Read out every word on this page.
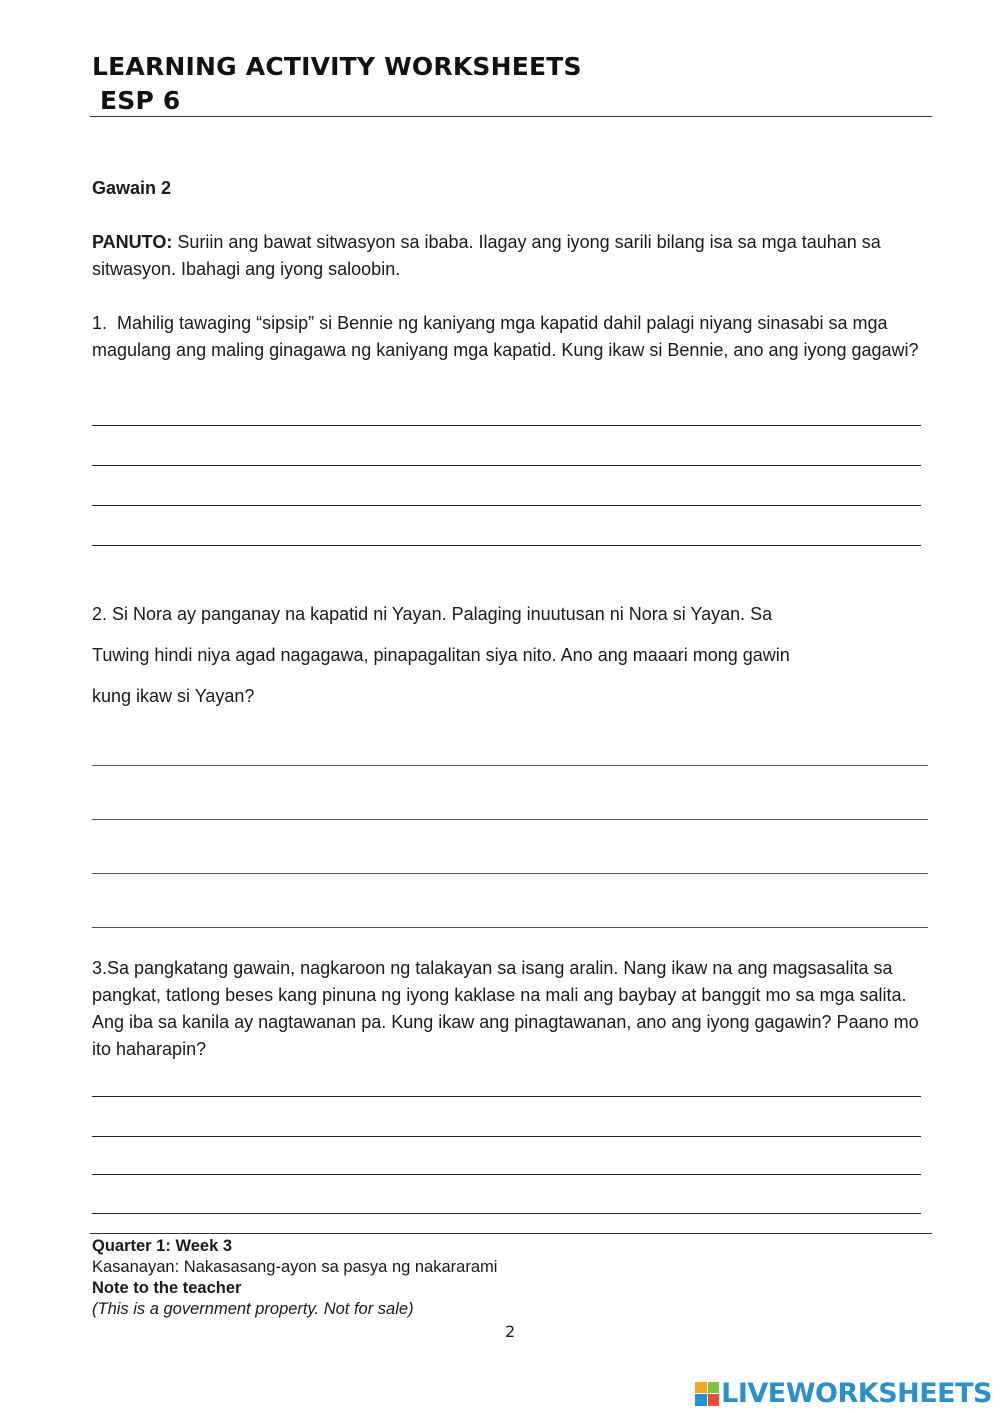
LEARNING ACTIVITY WORKSHEETS
ESP 6
Gawain 2
PANUTO: Suriin ang bawat sitwasyon sa ibaba. Ilagay ang iyong sarili bilang isa sa mga tauhan sa sitwasyon. Ibahagi ang iyong saloobin.
1. Mahilig tawaging “sipsip” si Bennie ng kaniyang mga kapatid dahil palagi niyang sinasabi sa mga magulang ang maling ginagawa ng kaniyang mga kapatid. Kung ikaw si Bennie, ano ang iyong gagawi?
2. Si Nora ay panganay na kapatid ni Yayan. Palaging inuutusan ni Nora si Yayan. Sa
Tuwing hindi niya agad nagagawa, pinapagalitan siya nito. Ano ang maaari mong gawin
kung ikaw si Yayan?
3.Sa pangkatang gawain, nagkaroon ng talakayan sa isang aralin. Nang ikaw na ang magsasalita sa pangkat, tatlong beses kang pinuna ng iyong kaklase na mali ang baybay at banggit mo sa mga salita. Ang iba sa kanila ay nagtawanan pa. Kung ikaw ang pinagtawanan, ano ang iyong gagawin? Paano mo ito haharapin?
Quarter 1: Week 3
Kasanayan: Nakasasang-ayon sa pasya ng nakararami
Note to the teacher
(This is a government property. Not for sale)
2
LIVEWORKSHEETS
